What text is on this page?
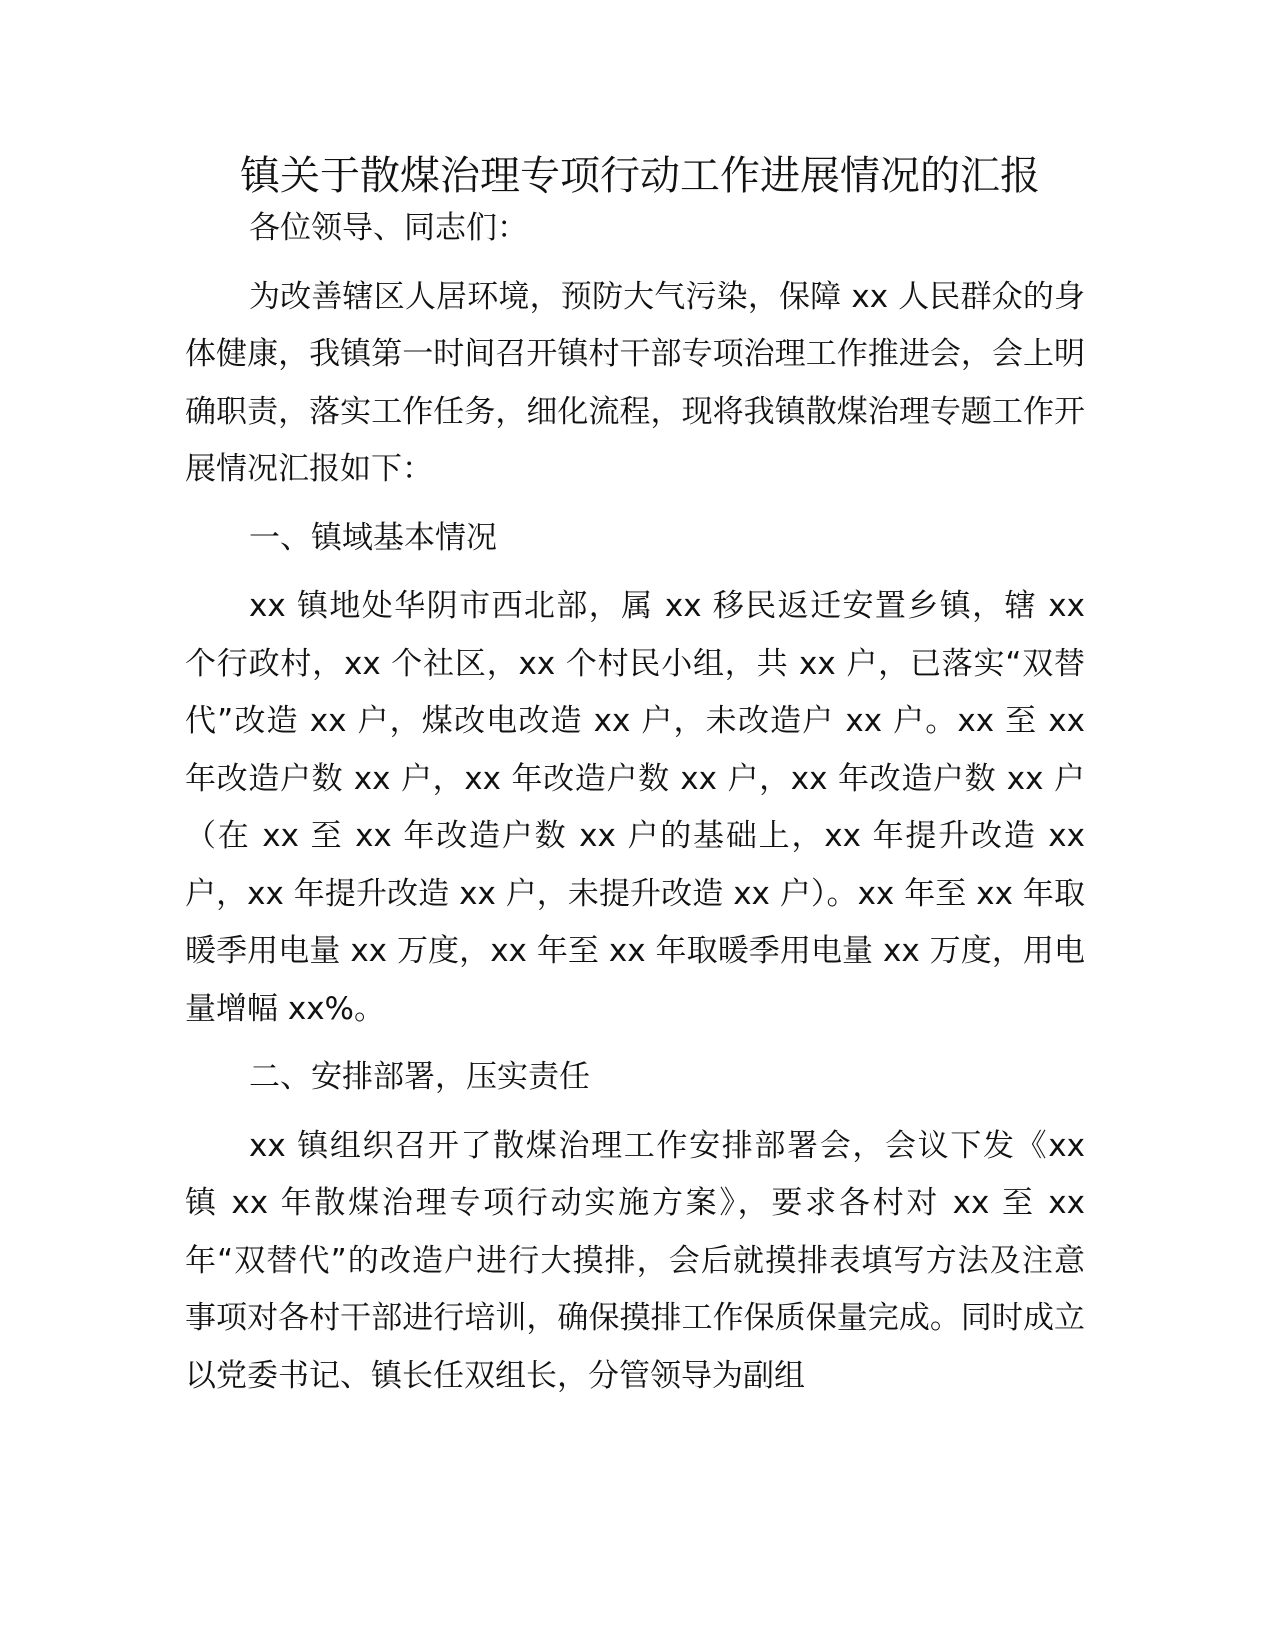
镇关于散煤治理专项行动工作进展情况的汇报

各位领导、同志们：

为改善辖区人居环境，预防大气污染，保障 xx 人民群众的身体健康，我镇第一时间召开镇村干部专项治理工作推进会，会上明确职责，落实工作任务，细化流程，现将我镇散煤治理专题工作开展情况汇报如下：

一、镇域基本情况

xx 镇地处华阴市西北部，属 xx 移民返迁安置乡镇，辖 xx 个行政村，xx 个社区，xx 个村民小组，共 xx 户，已落实“双替代”改造 xx 户，煤改电改造 xx 户，未改造户 xx 户。xx 至 xx 年改造户数 xx 户，xx 年改造户数 xx 户，xx 年改造户数 xx 户（在 xx 至 xx 年改造户数 xx 户的基础上，xx 年提升改造 xx 户，xx 年提升改造 xx 户，未提升改造 xx 户）。xx 年至 xx 年取暖季用电量 xx 万度，xx 年至 xx 年取暖季用电量 xx 万度，用电量增幅 xx%。

二、安排部署，压实责任

xx 镇组织召开了散煤治理工作安排部署会，会议下发《xx 镇 xx 年散煤治理专项行动实施方案》，要求各村对 xx 至 xx 年“双替代”的改造户进行大摸排，会后就摸排表填写方法及注意事项对各村干部进行培训，确保摸排工作保质保量完成。同时成立以党委书记、镇长任双组长，分管领导为副组
